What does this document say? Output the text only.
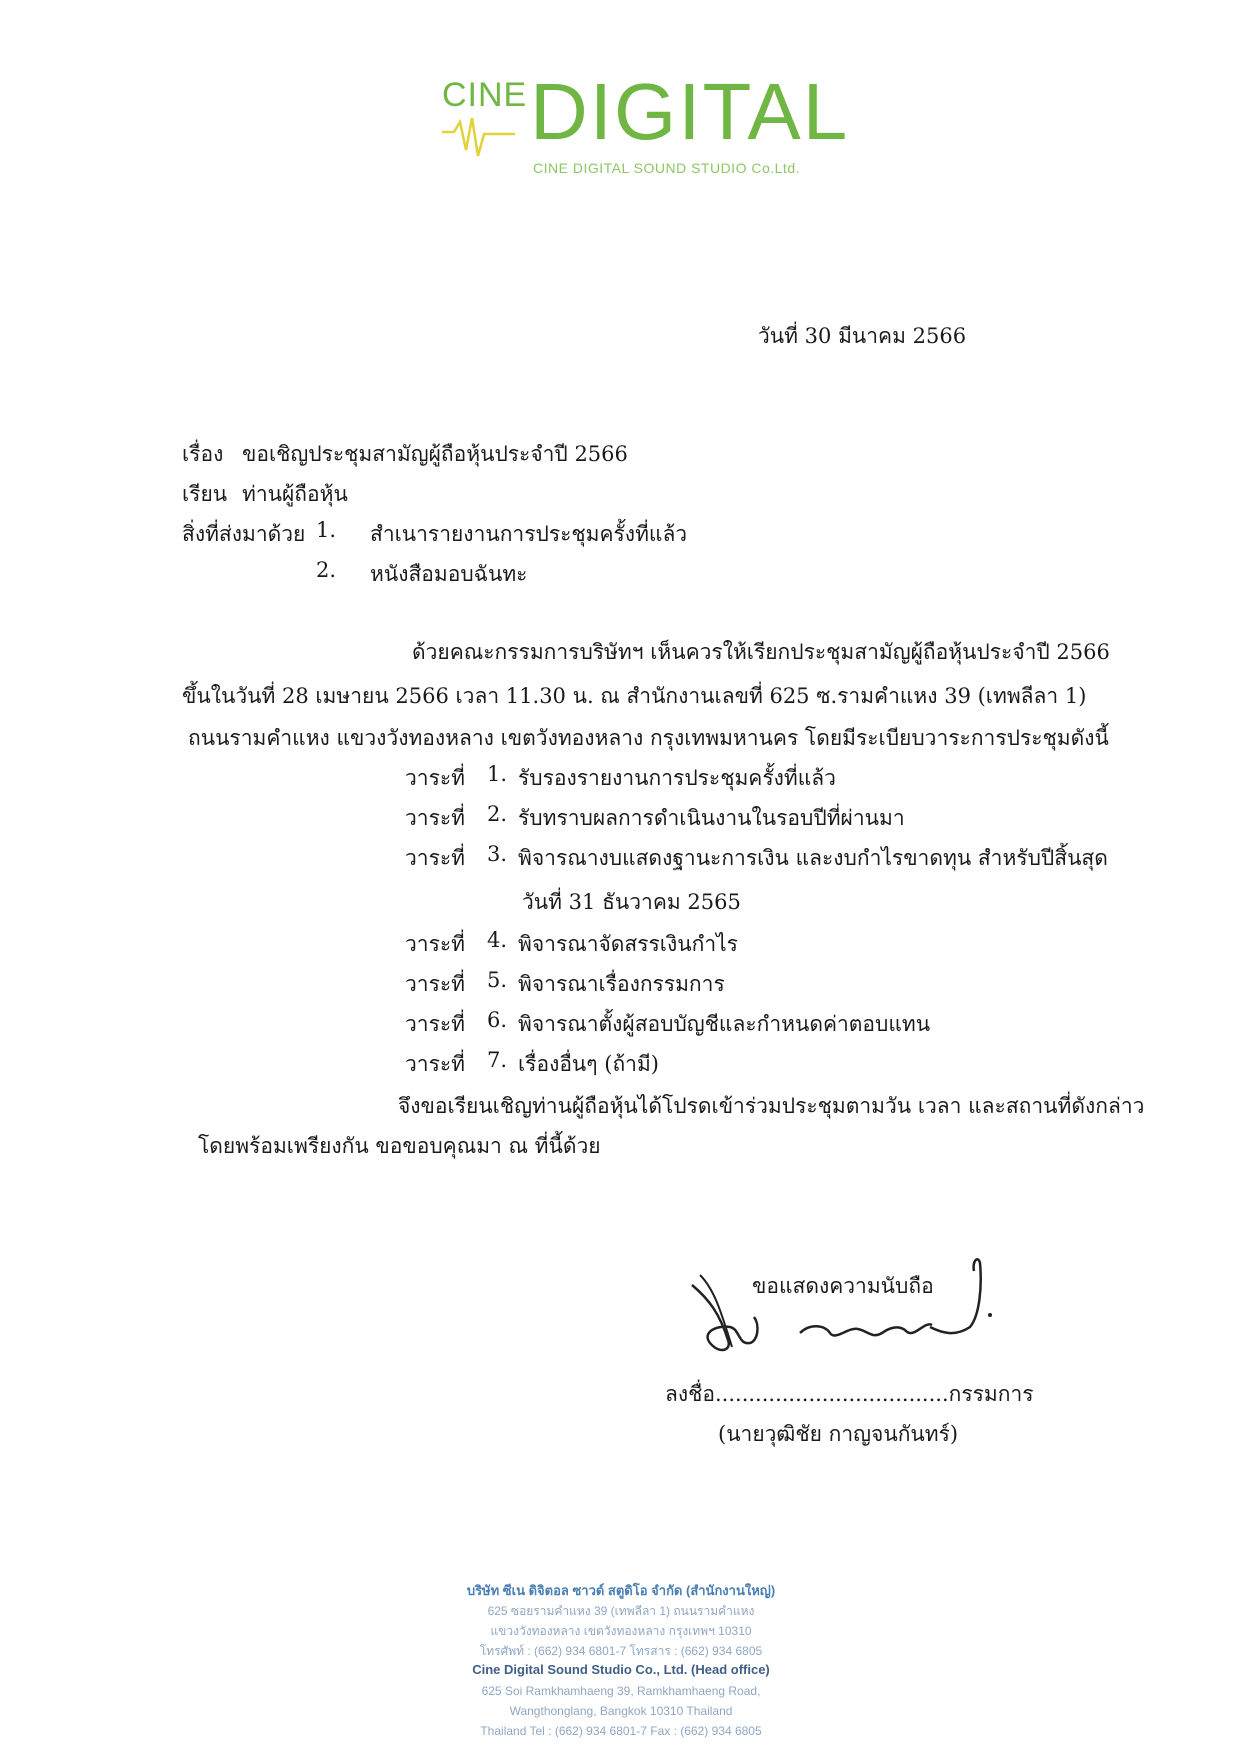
CINE DIGITAL
CINE DIGITAL SOUND STUDIO Co.Ltd.
วันที่ 30 มีนาคม 2566
เรื่อง ขอเชิญประชุมสามัญผู้ถือหุ้นประจำปี 2566
เรียน ท่านผู้ถือหุ้น
สิ่งที่ส่งมาด้วย 1. สำเนารายงานการประชุมครั้งที่แล้ว
2. หนังสือมอบฉันทะ
ด้วยคณะกรรมการบริษัทฯ เห็นควรให้เรียกประชุมสามัญผู้ถือหุ้นประจำปี 2566
ขึ้นในวันที่ 28 เมษายน 2566 เวลา 11.30 น. ณ สำนักงานเลขที่ 625 ซ.รามคำแหง 39 (เทพลีลา 1)
ถนนรามคำแหง แขวงวังทองหลาง เขตวังทองหลาง กรุงเทพมหานคร โดยมีระเบียบวาระการประชุมดังนี้
วาระที่ 1. รับรองรายงานการประชุมครั้งที่แล้ว
วาระที่ 2. รับทราบผลการดำเนินงานในรอบปีที่ผ่านมา
วาระที่ 3. พิจารณางบแสดงฐานะการเงิน และงบกำไรขาดทุน สำหรับปีสิ้นสุด
วันที่ 31 ธันวาคม 2565
วาระที่ 4. พิจารณาจัดสรรเงินกำไร
วาระที่ 5. พิจารณาเรื่องกรรมการ
วาระที่ 6. พิจารณาตั้งผู้สอบบัญชีและกำหนดค่าตอบแทน
วาระที่ 7. เรื่องอื่นๆ (ถ้ามี)
จึงขอเรียนเชิญท่านผู้ถือหุ้นได้โปรดเข้าร่วมประชุมตามวัน เวลา และสถานที่ดังกล่าว
โดยพร้อมเพรียงกัน ขอขอบคุณมา ณ ที่นี้ด้วย
ขอแสดงความนับถือ
ลงชื่อ...................................กรรมการ
(นายวุฒิชัย กาญจนกันทร์)
บริษัท ซีเน ดิจิตอล ซาวด์ สตูดิโอ จำกัด (สำนักงานใหญ่)
625 ซอยรามคำแหง 39 (เทพลีลา 1) ถนนรามคำแหง
แขวงวังทองหลาง เขตวังทองหลาง กรุงเทพฯ 10310
โทรศัพท์ : (662) 934 6801-7 โทรสาร : (662) 934 6805
Cine Digital Sound Studio Co., Ltd. (Head office)
625 Soi Ramkhamhaeng 39, Ramkhamhaeng Road,
Wangthonglang, Bangkok 10310 Thailand
Thailand Tel : (662) 934 6801-7 Fax : (662) 934 6805
